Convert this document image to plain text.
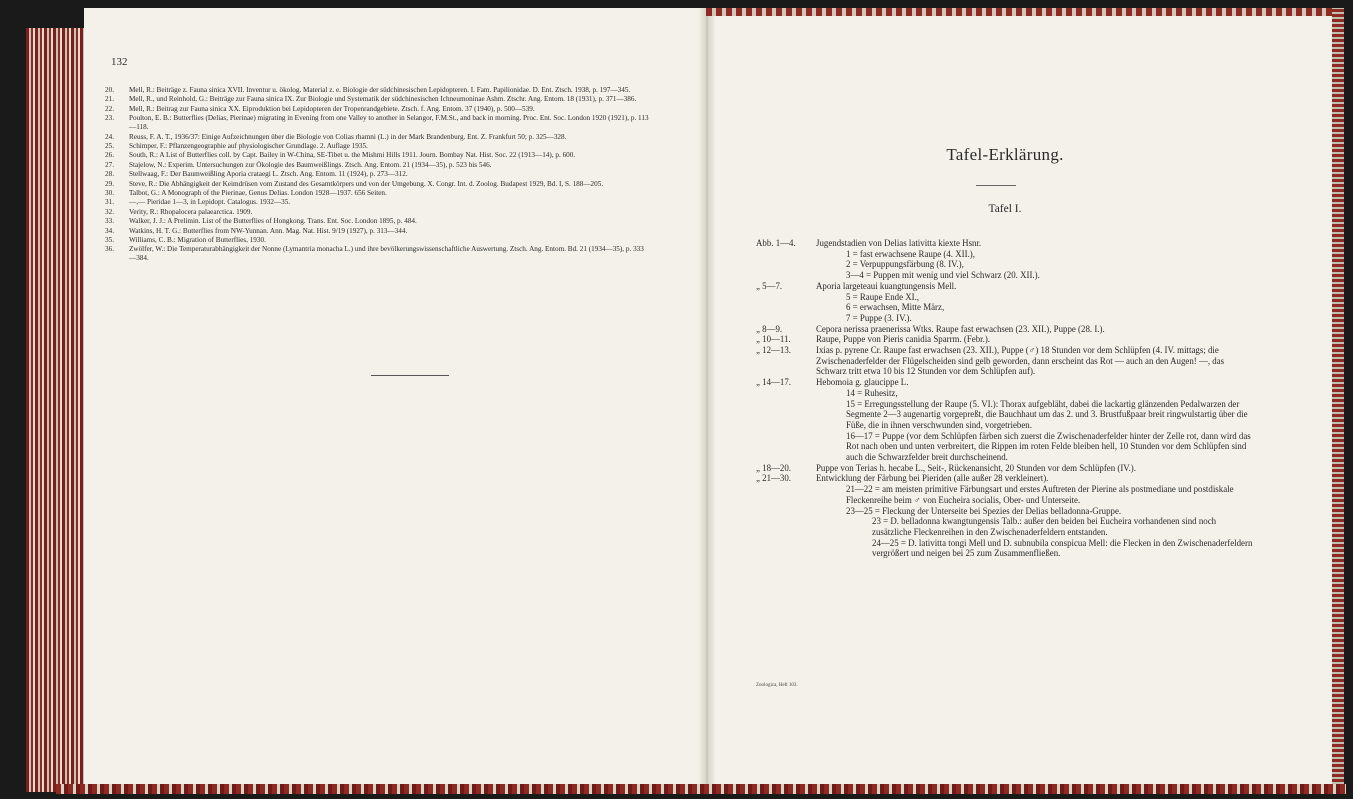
132
20. Mell, R.: Beiträge z. Fauna sinica XVII. Inventur u. ökolog. Material z. e. Biologie der südchinesischen Lepidopteren. I. Fam. Papilionidae. D. Ent. Ztsch. 1938, p. 197—345.
21. Mell, R., und Reinhold, G.: Beiträge zur Fauna sinica IX. Zur Biologie und Systematik der südchinesischen Ichneumoninae Ashm. Ztschr. Ang. Entom. 18 (1931), p. 371—386.
22. Mell, R.: Beitrag zur Fauna sinica XX. Eiproduktion bei Lepidopteren der Tropenrandgebiete. Ztsch. f. Ang. Entom. 37 (1940), p. 500—539.
23. Poulton, E. B.: Butterflies (Delias, Pierinae) migrating in Evening from one Valley to another in Selangor, F.M.St., and back in morning. Proc. Ent. Soc. London 1920 (1921), p. 113—118.
24. Reuss, F. A. T., 1936/37: Einige Aufzeichnungen über die Biologie von Colias rhamni (L.) in der Mark Brandenburg. Ent. Z. Frankfurt 50; p. 325—328.
25. Schimper, F.: Pflanzengeographie auf physiologischer Grundlage. 2. Auflage 1935.
26. South, R.: A List of Butterflies coll. by Capt. Bailey in W-China, SE-Tibet u. the Mishmi Hills 1911. Journ. Bombay Nat. Hist. Soc. 22 (1913—14), p. 600.
27. Stajelow, N.: Experim. Untersuchungen zur Ökologie des Baumweißlings. Ztsch. Ang. Entom. 21 (1934—35), p. 523 bis 546.
28. Stellwaag, F.: Der Baumweißling Aporia crataegi L. Ztsch. Ang. Entom. 11 (1924), p. 273—312.
29. Steve, R.: Die Abhängigkeit der Keimdrüsen vom Zustand des Gesamtkörpers und von der Umgebung. X. Congr. Int. d. Zoolog. Budapest 1929, Bd. I, S. 188—205.
30. Talbot, G.: A Monograph of the Pierinae, Genus Delias. London 1928—1937. 656 Seiten.
31. —,— Pieridae 1—3, in Lepidopt. Catalogus. 1932—35.
32. Verity, R.: Rhopalocera palaearctica. 1909.
33. Walker, J. J.: A Prelimin. List of the Butterflies of Hongkong. Trans. Ent. Soc. London 1895, p. 484.
34. Watkins, H. T. G.: Butterflies from NW-Yunnan. Ann. Mag. Nat. Hist. 9/19 (1927), p. 313—344.
35. Williams, C. B.: Migration of Butterflies, 1930.
36. Zwölfer, W.: Die Temperaturabhängigkeit der Nonne (Lymantria monacha L.) und ihre bevölkerungswissenschaftliche Auswertung. Ztsch. Ang. Entom. Bd. 21 (1934—35), p. 333—384.
Tafel-Erklärung.
Tafel I.
Abb. 1—4.	Jugendstadien von Delias lativitta kiexte Hsnr.
1 = fast erwachsene Raupe (4. XII.),
2 = Verpuppungsfärbung (8. IV.),
3—4 = Puppen mit wenig und viel Schwarz (20. XII.).
„ 5—7.	Aporia largeteaui kuangtungensis Mell.
5 = Raupe Ende XI.,
6 = erwachsen, Mitte März,
7 = Puppe (3. IV.).
„ 8—9.	Cepora nerissa praenerissa Wtks. Raupe fast erwachsen (23. XII.), Puppe (28. I.).
„ 10—11.	Raupe, Puppe von Pieris canidia Sparrm. (Febr.).
„ 12—13.	Ixias p. pyrene Cr. Raupe fast erwachsen (23. XII.), Puppe (♂) 18 Stunden vor dem Schlüpfen (4. IV. mittags; die Zwischenaderfelder der Flügelscheiden sind gelb geworden, dann erscheint das Rot — auch an den Augen! —, das Schwarz tritt etwa 10 bis 12 Stunden vor dem Schlüpfen auf).
„ 14—17.	Hebomoia g. glaucippe L.
14 = Ruhesitz,
15 = Erregungsstellung der Raupe (5. VI.): Thorax aufgebläht, dabei die lackartig glänzenden Pedalwarzen der Segmente 2—3 augenartig vorgepreßt, die Bauchhaut um das 2. und 3. Brustfußpaar breit ringwulstartig über die Füße, die in ihnen verschwunden sind, vorgetrieben.
16—17 = Puppe (vor dem Schlüpfen färben sich zuerst die Zwischenaderfelder hinter der Zelle rot, dann wird das Rot nach oben und unten verbreitert, die Rippen im roten Felde bleiben hell, 10 Stunden vor dem Schlüpfen sind auch die Schwarzfelder breit durchscheinend.
„ 18—20.	Puppe von Terias h. hecabe L., Seit-, Rückenansicht, 20 Stunden vor dem Schlüpfen (IV.).
„ 21—30.	Entwicklung der Färbung bei Pieriden (alle außer 28 verkleinert).
21—22 = am meisten primitive Färbungsart und erstes Auftreten der Pierine als postmediane und postdiskale Fleckenreihe beim ♂ von Eucheira socialis, Ober- und Unterseite.
23—25 = Fleckung der Unterseite bei Spezies der Delias belladonna-Gruppe.
23 = D. belladonna kwangtungensis Talb.: außer den beiden bei Eucheira vorhandenen sind noch zusätzliche Fleckenreihen in den Zwischenaderfeldern entstanden.
24—25 = D. lativitta tongi Mell und D. subnubila conspicua Mell: die Flecken in den Zwischenaderfeldern vergrößert und neigen bei 25 zum Zusammenfließen.
Zoologica, Heft 103.
